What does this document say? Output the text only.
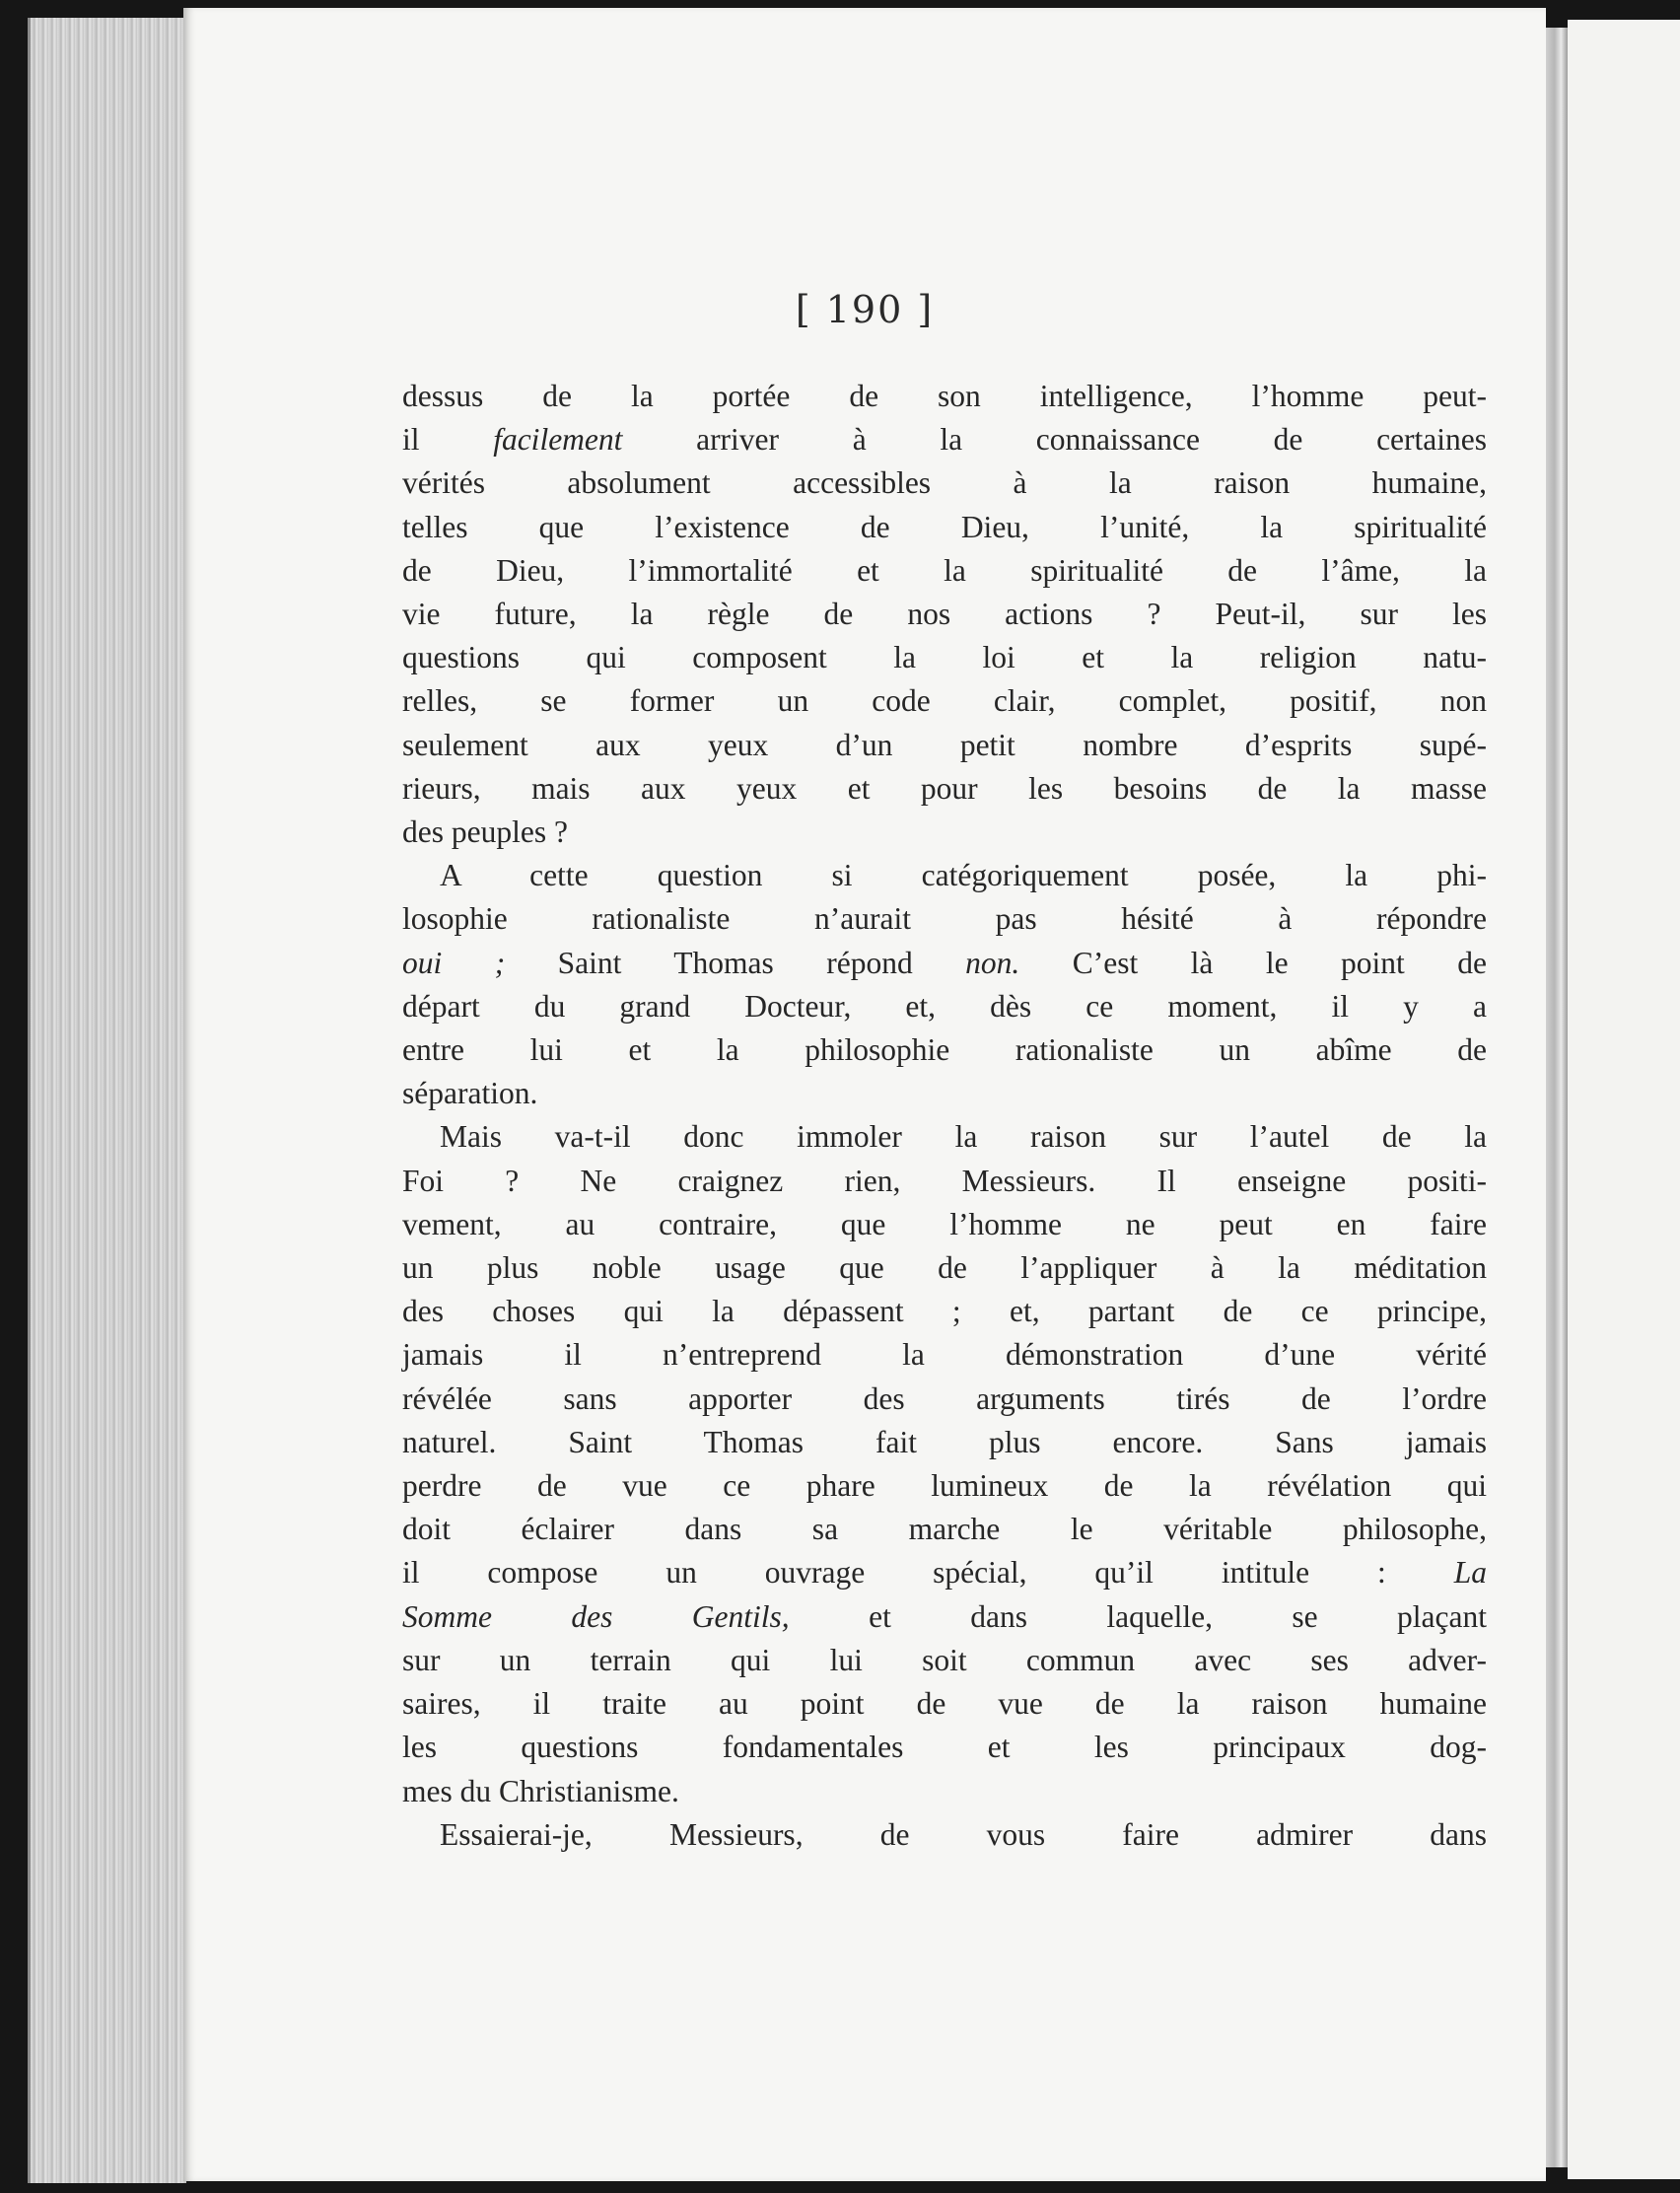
[ 190 ]
dessus de la portée de son intelligence, l’homme peut-
il facilement arriver à la connaissance de certaines
vérités absolument accessibles à la raison humaine,
telles que l’existence de Dieu, l’unité, la spiritualité
de Dieu, l’immortalité et la spiritualité de l’âme, la
vie future, la règle de nos actions ? Peut-il, sur les
questions qui composent la loi et la religion natu-
relles, se former un code clair, complet, positif, non
seulement aux yeux d’un petit nombre d’esprits supé-
rieurs, mais aux yeux et pour les besoins de la masse
des peuples ?
A cette question si catégoriquement posée, la phi-
losophie rationaliste n’aurait pas hésité à répondre
oui ; Saint Thomas répond non. C’est là le point de
départ du grand Docteur, et, dès ce moment, il y a
entre lui et la philosophie rationaliste un abîme de
séparation.
Mais va-t-il donc immoler la raison sur l’autel de la
Foi ? Ne craignez rien, Messieurs. Il enseigne positi-
vement, au contraire, que l’homme ne peut en faire
un plus noble usage que de l’appliquer à la méditation
des choses qui la dépassent ; et, partant de ce principe,
jamais il n’entreprend la démonstration d’une vérité
révélée sans apporter des arguments tirés de l’ordre
naturel. Saint Thomas fait plus encore. Sans jamais
perdre de vue ce phare lumineux de la révélation qui
doit éclairer dans sa marche le véritable philosophe,
il compose un ouvrage spécial, qu’il intitule : La
Somme des Gentils, et dans laquelle, se plaçant
sur un terrain qui lui soit commun avec ses adver-
saires, il traite au point de vue de la raison humaine
les questions fondamentales et les principaux dog-
mes du Christianisme.
Essaierai-je, Messieurs, de vous faire admirer dans
